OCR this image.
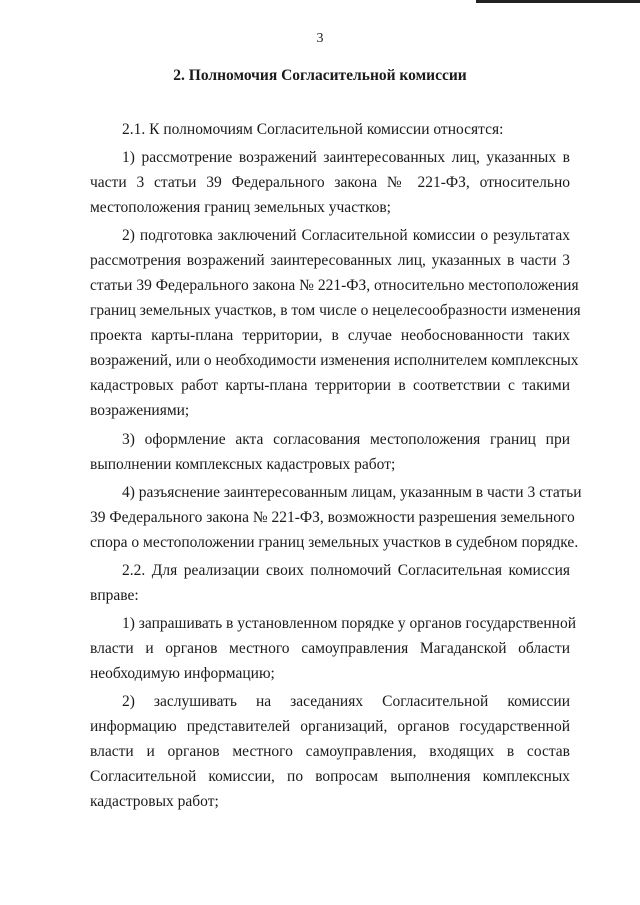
3
2. Полномочия Согласительной комиссии
2.1. К полномочиям Согласительной комиссии относятся:
1) рассмотрение возражений заинтересованных лиц, указанных в
части 3 статьи 39 Федерального закона № 221-ФЗ, относительно
местоположения границ земельных участков;
2) подготовка заключений Согласительной комиссии о результатах
рассмотрения возражений заинтересованных лиц, указанных в части 3
статьи 39 Федерального закона № 221-ФЗ, относительно местоположения
границ земельных участков, в том числе о нецелесообразности изменения
проекта карты-плана территории, в случае необоснованности таких
возражений, или о необходимости изменения исполнителем комплексных
кадастровых работ карты-плана территории в соответствии с такими
возражениями;
3) оформление акта согласования местоположения границ при
выполнении комплексных кадастровых работ;
4) разъяснение заинтересованным лицам, указанным в части 3 статьи
39 Федерального закона № 221-ФЗ, возможности разрешения земельного
спора о местоположении границ земельных участков в судебном порядке.
2.2. Для реализации своих полномочий Согласительная комиссия
вправе:
1) запрашивать в установленном порядке у органов государственной
власти и органов местного самоуправления Магаданской области
необходимую информацию;
2) заслушивать на заседаниях Согласительной комиссии
информацию представителей организаций, органов государственной
власти и органов местного самоуправления, входящих в состав
Согласительной комиссии, по вопросам выполнения комплексных
кадастровых работ;
